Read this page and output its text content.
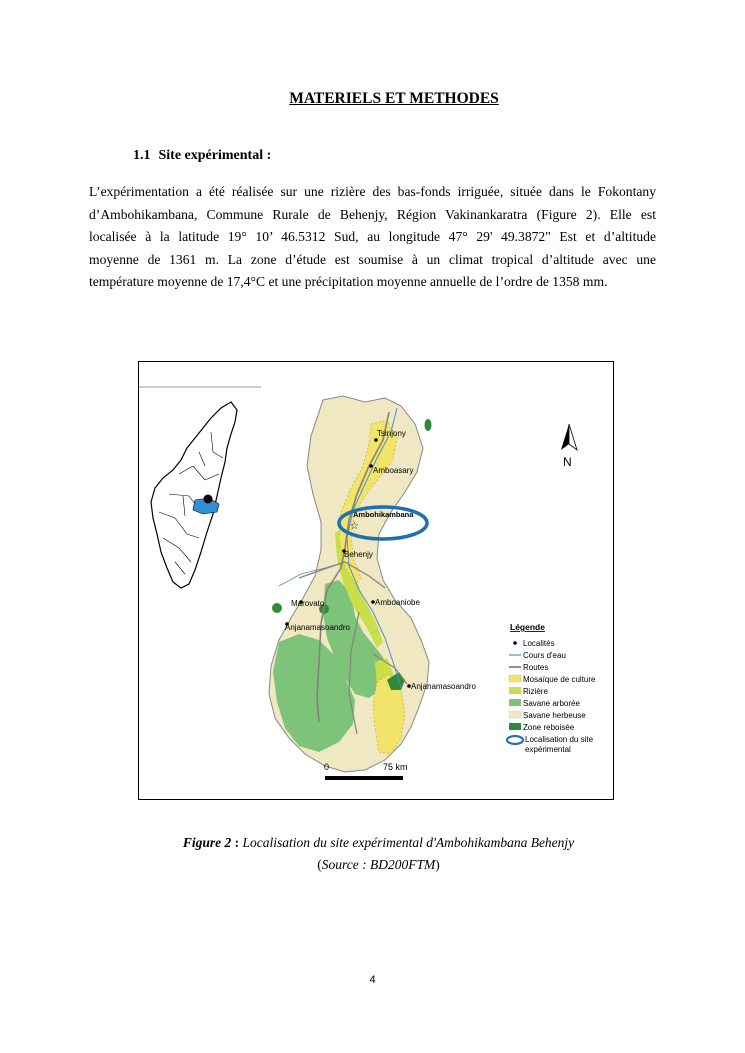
MATERIELS ET METHODES
1.1 Site expérimental :
L’expérimentation a été réalisée sur une rizière des bas-fonds irriguée, située dans le Fokontany
d’Ambohikambana, Commune Rurale de Behenjy, Région Vakinankaratra (Figure 2). Elle est
localisée à la latitude 19° 10’ 46.5312 Sud, au longitude 47° 29' 49.3872" Est et d’altitude
moyenne de 1361 m. La zone d’étude est soumise à un climat tropical d’altitude avec une
température moyenne de 17,4°C et une précipitation moyenne annuelle de l’ordre de 1358 mm.
Tsinjony
Amboasary
Ambohikambana
☆
Behenjy
Marovato	Amboaniobe
Anjanamasoandro
Anjanamasoandro
N
0	75 km
Légende
Localités
Cours d'eau
Routes
Mosaïque de culture
Rizière
Savane arborée
Savane herbeuse
Zone reboisée
Localisation du site
expérimental
Figure 2 : Localisation du site expérimental d'Ambohikambana Behenjy
(Source : BD200FTM)
4
